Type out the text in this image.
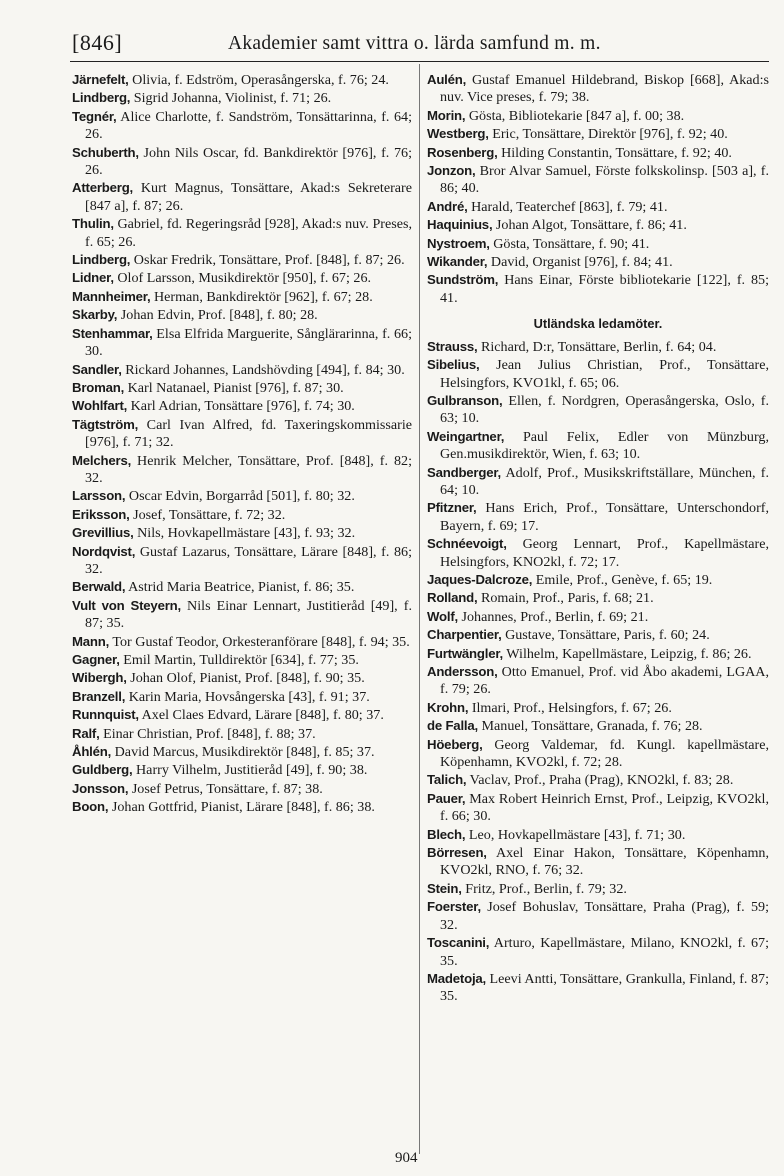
[846]	Akademier samt vittra o. lärda samfund m. m.

Järnefelt, Olivia, f. Edström, Operasångerska, f. 76; 24.

Lindberg, Sigrid Johanna, Violinist, f. 71; 26.

Tegnér, Alice Charlotte, f. Sandström, Tonsättarinna, f. 64; 26.

Schuberth, John Nils Oscar, fd. Bankdirektör [976], f. 76; 26.

Atterberg, Kurt Magnus, Tonsättare, Akad:s Sekreterare [847 a], f. 87; 26.

Thulin, Gabriel, fd. Regeringsråd [928], Akad:s nuv. Preses, f. 65; 26.

Lindberg, Oskar Fredrik, Tonsättare, Prof. [848], f. 87; 26.

Lidner, Olof Larsson, Musikdirektör [950], f. 67; 26.

Mannheimer, Herman, Bankdirektör [962], f. 67; 28.

Skarby, Johan Edvin, Prof. [848], f. 80; 28.

Stenhammar, Elsa Elfrida Marguerite, Sånglärarinna, f. 66; 30.

Sandler, Rickard Johannes, Landshövding [494], f. 84; 30.

Broman, Karl Natanael, Pianist [976], f. 87; 30.

Wohlfart, Karl Adrian, Tonsättare [976], f. 74; 30.

Tägtström, Carl Ivan Alfred, fd. Taxeringskommissarie [976], f. 71; 32.

Melchers, Henrik Melcher, Tonsättare, Prof. [848], f. 82; 32.

Larsson, Oscar Edvin, Borgarråd [501], f. 80; 32.

Eriksson, Josef, Tonsättare, f. 72; 32.

Grevillius, Nils, Hovkapellmästare [43], f. 93; 32.

Nordqvist, Gustaf Lazarus, Tonsättare, Lärare [848], f. 86; 32.

Berwald, Astrid Maria Beatrice, Pianist, f. 86; 35.

Vult von Steyern, Nils Einar Lennart, Justitieråd [49], f. 87; 35.

Mann, Tor Gustaf Teodor, Orkesteranförare [848], f. 94; 35.

Gagner, Emil Martin, Tulldirektör [634], f. 77; 35.

Wibergh, Johan Olof, Pianist, Prof. [848], f. 90; 35.

Branzell, Karin Maria, Hovsångerska [43], f. 91; 37.

Runnquist, Axel Claes Edvard, Lärare [848], f. 80; 37.

Ralf, Einar Christian, Prof. [848], f. 88; 37.

Åhlén, David Marcus, Musikdirektör [848], f. 85; 37.

Guldberg, Harry Vilhelm, Justitieråd [49], f. 90; 38.

Jonsson, Josef Petrus, Tonsättare, f. 87; 38.

Boon, Johan Gottfrid, Pianist, Lärare [848], f. 86; 38.

Aulén, Gustaf Emanuel Hildebrand, Biskop [668], Akad:s nuv. Vice preses, f. 79; 38.

Morin, Gösta, Bibliotekarie [847 a], f. 00; 38.

Westberg, Eric, Tonsättare, Direktör [976], f. 92; 40.

Rosenberg, Hilding Constantin, Tonsättare, f. 92; 40.

Jonzon, Bror Alvar Samuel, Förste folkskolinsp. [503 a], f. 86; 40.

André, Harald, Teaterchef [863], f. 79; 41.

Haquinius, Johan Algot, Tonsättare, f. 86; 41.

Nystroem, Gösta, Tonsättare, f. 90; 41.

Wikander, David, Organist [976], f. 84; 41.

Sundström, Hans Einar, Förste bibliotekarie [122], f. 85; 41.

Utländska ledamöter.

Strauss, Richard, D:r, Tonsättare, Berlin, f. 64; 04.

Sibelius, Jean Julius Christian, Prof., Tonsättare, Helsingfors, KVO1kl, f. 65; 06.

Gulbranson, Ellen, f. Nordgren, Operasångerska, Oslo, f. 63; 10.

Weingartner, Paul Felix, Edler von Münzburg, Gen.musikdirektör, Wien, f. 63; 10.

Sandberger, Adolf, Prof., Musikskriftställare, München, f. 64; 10.

Pfitzner, Hans Erich, Prof., Tonsättare, Unterschondorf, Bayern, f. 69; 17.

Schnéevoigt, Georg Lennart, Prof., Kapellmästare, Helsingfors, KNO2kl, f. 72; 17.

Jaques-Dalcroze, Emile, Prof., Genève, f. 65; 19.

Rolland, Romain, Prof., Paris, f. 68; 21.

Wolf, Johannes, Prof., Berlin, f. 69; 21.

Charpentier, Gustave, Tonsättare, Paris, f. 60; 24.

Furtwängler, Wilhelm, Kapellmästare, Leipzig, f. 86; 26.

Andersson, Otto Emanuel, Prof. vid Åbo akademi, LGAA, f. 79; 26.

Krohn, Ilmari, Prof., Helsingfors, f. 67; 26.

de Falla, Manuel, Tonsättare, Granada, f. 76; 28.

Höeberg, Georg Valdemar, fd. Kungl. kapellmästare, Köpenhamn, KVO2kl, f. 72; 28.

Talich, Vaclav, Prof., Praha (Prag), KNO2kl, f. 83; 28.

Pauer, Max Robert Heinrich Ernst, Prof., Leipzig, KVO2kl, f. 66; 30.

Blech, Leo, Hovkapellmästare [43], f. 71; 30.

Börresen, Axel Einar Hakon, Tonsättare, Köpenhamn, KVO2kl, RNO, f. 76; 32.

Stein, Fritz, Prof., Berlin, f. 79; 32.

Foerster, Josef Bohuslav, Tonsättare, Praha (Prag), f. 59; 32.

Toscanini, Arturo, Kapellmästare, Milano, KNO2kl, f. 67; 35.

Madetoja, Leevi Antti, Tonsättare, Grankulla, Finland, f. 87; 35.

904
